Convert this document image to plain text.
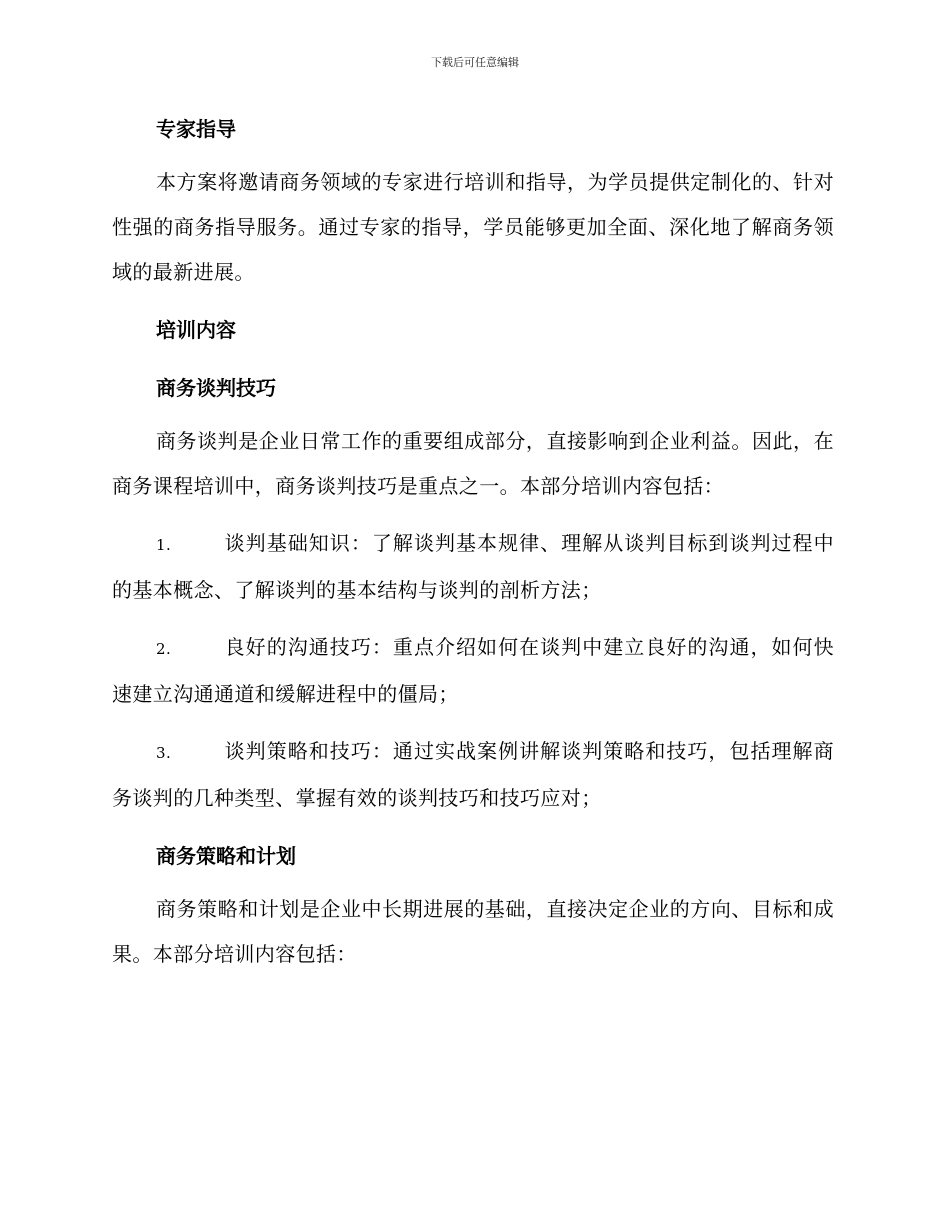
下载后可任意编辑
专家指导

本方案将邀请商务领域的专家进行培训和指导，为学员提供定制化的、针对性强的商务指导服务。通过专家的指导，学员能够更加全面、深化地了解商务领域的最新进展。

培训内容
商务谈判技巧

商务谈判是企业日常工作的重要组成部分，直接影响到企业利益。因此，在商务课程培训中，商务谈判技巧是重点之一。本部分培训内容包括：

1.	谈判基础知识：了解谈判基本规律、理解从谈判目标到谈判过程中的基本概念、了解谈判的基本结构与谈判的剖析方法；

2.	良好的沟通技巧：重点介绍如何在谈判中建立良好的沟通，如何快速建立沟通通道和缓解进程中的僵局；

3.	谈判策略和技巧：通过实战案例讲解谈判策略和技巧，包括理解商务谈判的几种类型、掌握有效的谈判技巧和技巧应对；

商务策略和计划

商务策略和计划是企业中长期进展的基础，直接决定企业的方向、目标和成果。本部分培训内容包括：
